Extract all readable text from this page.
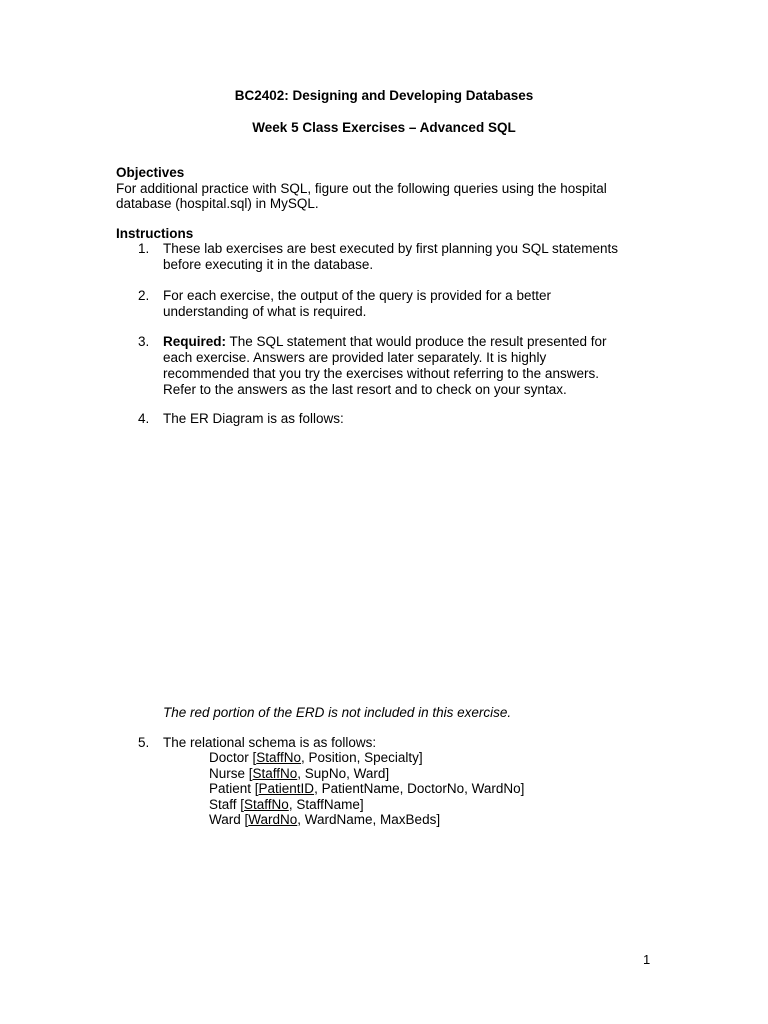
BC2402: Designing and Developing Databases
Week 5 Class Exercises – Advanced SQL
Objectives
For additional practice with SQL, figure out the following queries using the hospital
database (hospital.sql) in MySQL.
Instructions
1.	These lab exercises are best executed by first planning you SQL statements
before executing it in the database.
2.	For each exercise, the output of the query is provided for a better
understanding of what is required.
3.	Required: The SQL statement that would produce the result presented for
each exercise. Answers are provided later separately. It is highly
recommended that you try the exercises without referring to the answers.
Refer to the answers as the last resort and to check on your syntax.
4.	The ER Diagram is as follows:
The red portion of the ERD is not included in this exercise.
5.	The relational schema is as follows:
Doctor [StaffNo, Position, Specialty]
Nurse [StaffNo, SupNo, Ward]
Patient [PatientID, PatientName, DoctorNo, WardNo]
Staff [StaffNo, StaffName]
Ward [WardNo, WardName, MaxBeds]
1
